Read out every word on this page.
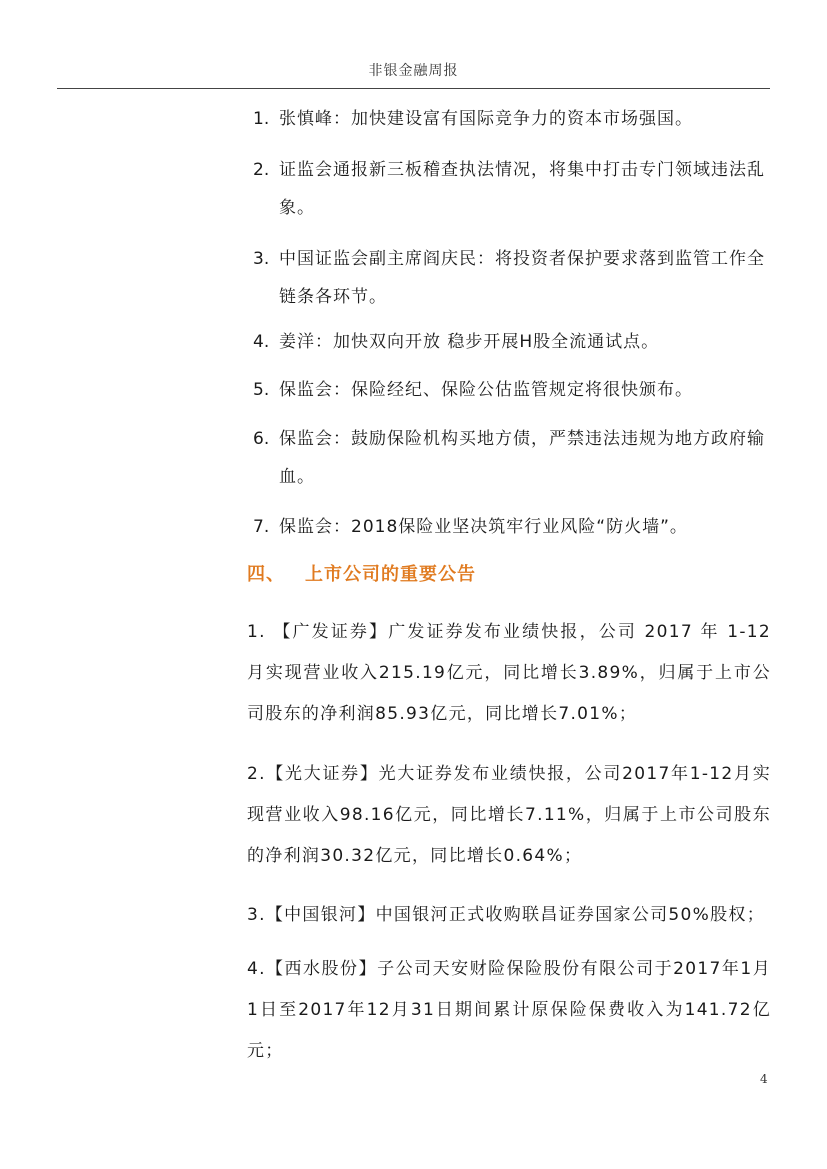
非银金融周报
1. 张慎峰：加快建设富有国际竞争力的资本市场强国。
2. 证监会通报新三板稽查执法情况，将集中打击专门领域违法乱象。
3. 中国证监会副主席阎庆民：将投资者保护要求落到监管工作全链条各环节。
4. 姜洋：加快双向开放 稳步开展H股全流通试点。
5. 保监会：保险经纪、保险公估监管规定将很快颁布。
6. 保监会：鼓励保险机构买地方债，严禁违法违规为地方政府输血。
7. 保监会：2018保险业坚决筑牢行业风险“防火墙”。
四、 上市公司的重要公告
1. 【广发证券】广发证券发布业绩快报，公司 2017 年 1-12 月实现营业收入215.19亿元，同比增长3.89%，归属于上市公司股东的净利润85.93亿元，同比增长7.01%；
2.【光大证券】光大证券发布业绩快报，公司2017年1-12月实现营业收入98.16亿元，同比增长7.11%，归属于上市公司股东的净利润30.32亿元，同比增长0.64%；
3.【中国银河】中国银河正式收购联昌证券国家公司50%股权；
4.【西水股份】子公司天安财险保险股份有限公司于2017年1月1日至2017年12月31日期间累计原保险保费收入为141.72亿元；
4
